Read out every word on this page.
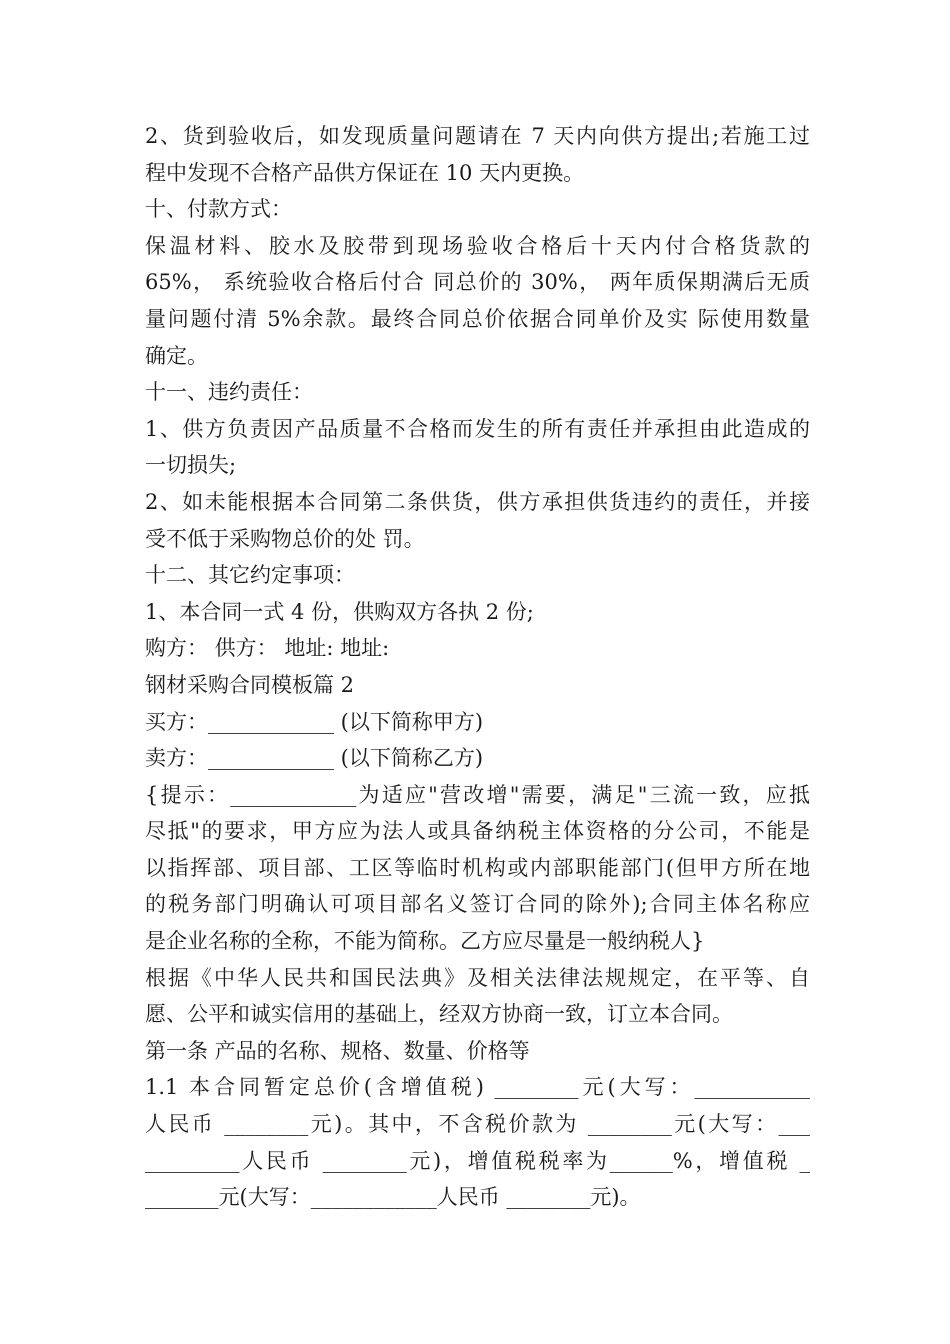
2、货到验收后，如发现质量问题请在 7 天内向供方提出;若施工过
程中发现不合格产品供方保证在 10 天内更换。
十、付款方式：
保温材料、胶水及胶带到现场验收合格后十天内付合格货款的
65%， 系统验收合格后付合 同总价的 30%， 两年质保期满后无质
量问题付清 5%余款。最终合同总价依据合同单价及实 际使用数量
确定。
十一、违约责任：
1、供方负责因产品质量不合格而发生的所有责任并承担由此造成的
一切损失;
2、如未能根据本合同第二条供货，供方承担供货违约的责任，并接
受不低于采购物总价的处 罚。
十二、其它约定事项：
1、本合同一式 4 份，供购双方各执 2 份;
购方： 供方： 地址: 地址:
钢材采购合同模板篇 2
买方：____________ (以下简称甲方)
卖方：____________ (以下简称乙方)
{提示：____________为适应"营改增"需要，满足"三流一致，应抵
尽抵"的要求，甲方应为法人或具备纳税主体资格的分公司，不能是
以指挥部、项目部、工区等临时机构或内部职能部门(但甲方所在地
的税务部门明确认可项目部名义签订合同的除外);合同主体名称应
是企业名称的全称，不能为简称。乙方应尽量是一般纳税人}
根据《中华人民共和国民法典》及相关法律法规规定，在平等、自
愿、公平和诚实信用的基础上，经双方协商一致，订立本合同。
第一条 产品的名称、规格、数量、价格等
1.1 本合同暂定总价(含增值税) ________元(大写：___________
人民币 ________元)。其中，不含税价款为 ________元(大写：___
_________人民币 ________元)，增值税税率为______%，增值税 _
_______元(大写：____________人民币 ________元)。
